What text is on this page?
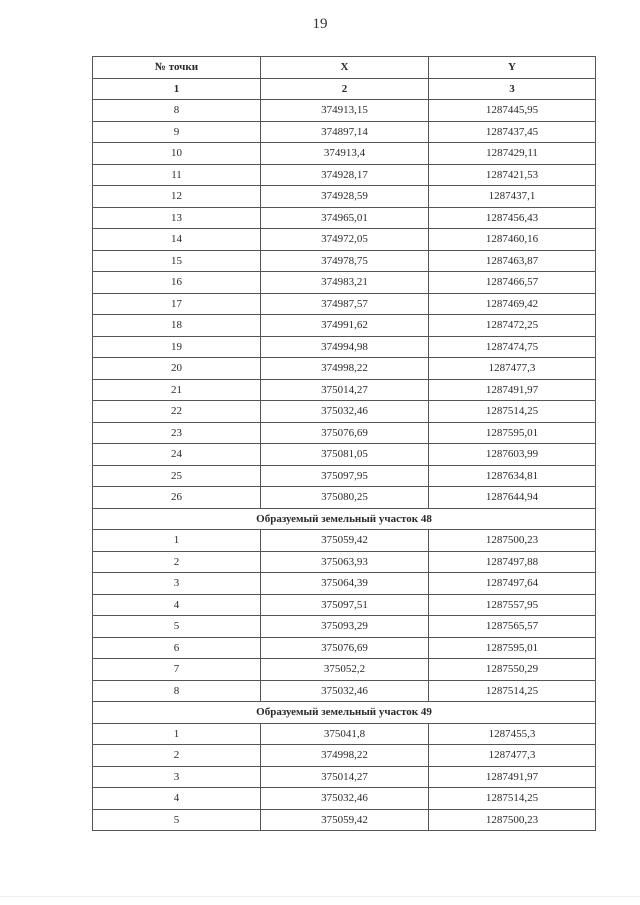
19
№ точки	X	Y
1	2	3
8	374913,15	1287445,95
9	374897,14	1287437,45
10	374913,4	1287429,11
11	374928,17	1287421,53
12	374928,59	1287437,1
13	374965,01	1287456,43
14	374972,05	1287460,16
15	374978,75	1287463,87
16	374983,21	1287466,57
17	374987,57	1287469,42
18	374991,62	1287472,25
19	374994,98	1287474,75
20	374998,22	1287477,3
21	375014,27	1287491,97
22	375032,46	1287514,25
23	375076,69	1287595,01
24	375081,05	1287603,99
25	375097,95	1287634,81
26	375080,25	1287644,94
Образуемый земельный участок 48		
1	375059,42	1287500,23
2	375063,93	1287497,88
3	375064,39	1287497,64
4	375097,51	1287557,95
5	375093,29	1287565,57
6	375076,69	1287595,01
7	375052,2	1287550,29
8	375032,46	1287514,25
Образуемый земельный участок 49		
1	375041,8	1287455,3
2	374998,22	1287477,3
3	375014,27	1287491,97
4	375032,46	1287514,25
5	375059,42	1287500,23
